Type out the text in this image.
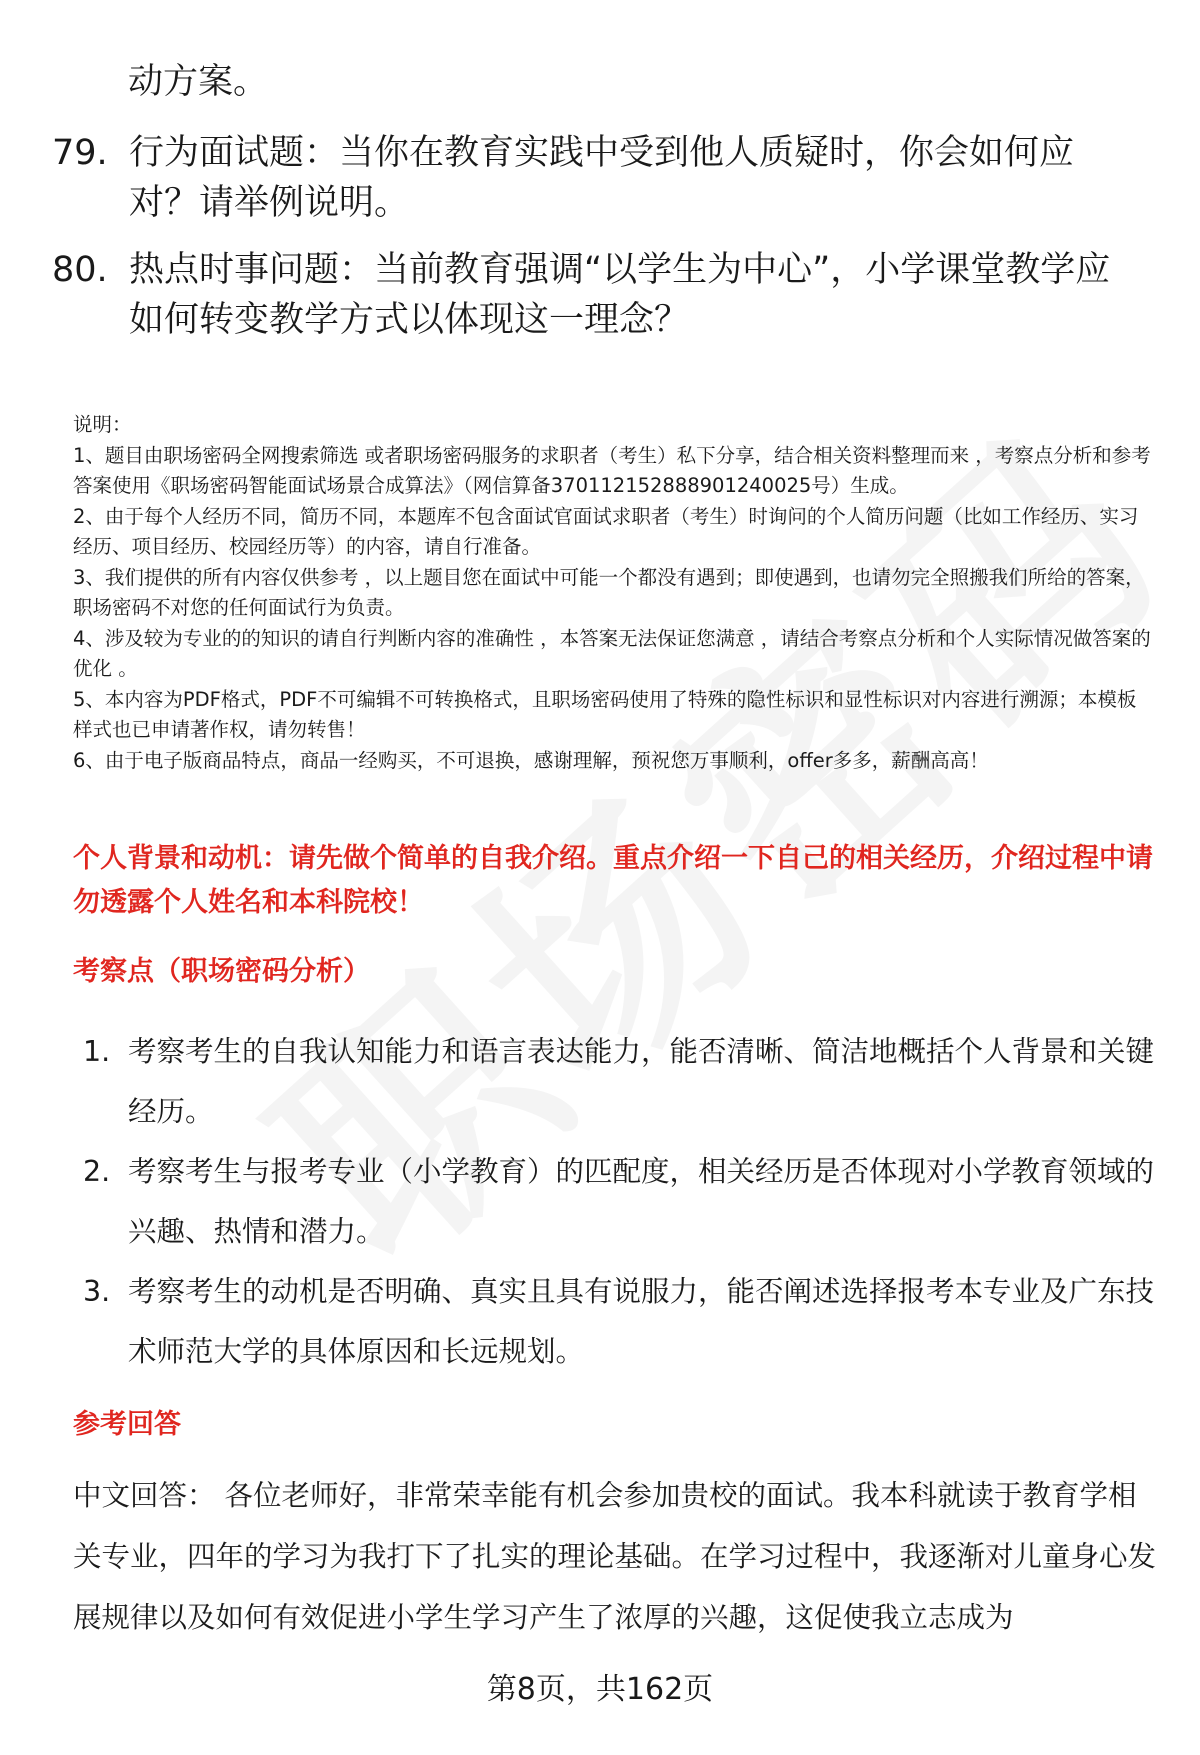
动方案。
79. 行为面试题：当你在教育实践中受到他人质疑时，你会如何应对？请举例说明。
80. 热点时事问题：当前教育强调“以学生为中心”，小学课堂教学应如何转变教学方式以体现这一理念？

说明：

1、题目由职场密码全网搜索筛选 或者职场密码服务的求职者（考生）私下分享，结合相关资料整理而来 ，考察点分析和参考答案使用《职场密码智能面试场景合成算法》（网信算备370112152888901240025号）生成。

2、由于每个人经历不同，简历不同，本题库不包含面试官面试求职者（考生）时询问的个人简历问题（比如工作经历、实习经历、项目经历、校园经历等）的内容，请自行准备。

3、我们提供的所有内容仅供参考 ，以上题目您在面试中可能一个都没有遇到；即使遇到，也请勿完全照搬我们所给的答案，职场密码不对您的任何面试行为负责。

4、涉及较为专业的的知识的请自行判断内容的准确性 ，本答案无法保证您满意 ，请结合考察点分析和个人实际情况做答案的优化 。

5、本内容为PDF格式，PDF不可编辑不可转换格式，且职场密码使用了特殊的隐性标识和显性标识对内容进行溯源；本模板样式也已申请著作权，请勿转售！

6、由于电子版商品特点，商品一经购买，不可退换，感谢理解，预祝您万事顺利，offer多多，薪酬高高！

个人背景和动机：请先做个简单的自我介绍。重点介绍一下自己的相关经历，介绍过程中请勿透露个人姓名和本科院校！
考察点（职场密码分析）
1. 考察考生的自我认知能力和语言表达能力，能否清晰、简洁地概括个人背景和关键经历。
2. 考察考生与报考专业（小学教育）的匹配度，相关经历是否体现对小学教育领域的兴趣、热情和潜力。
3. 考察考生的动机是否明确、真实且具有说服力，能否阐述选择报考本专业及广东技术师范大学的具体原因和长远规划。
参考回答
中文回答： 各位老师好，非常荣幸能有机会参加贵校的面试。我本科就读于教育学相关专业，四年的学习为我打下了扎实的理论基础。在学习过程中，我逐渐对儿童身心发展规律以及如何有效促进小学生学习产生了浓厚的兴趣，这促使我立志成为
第8页，共162页
